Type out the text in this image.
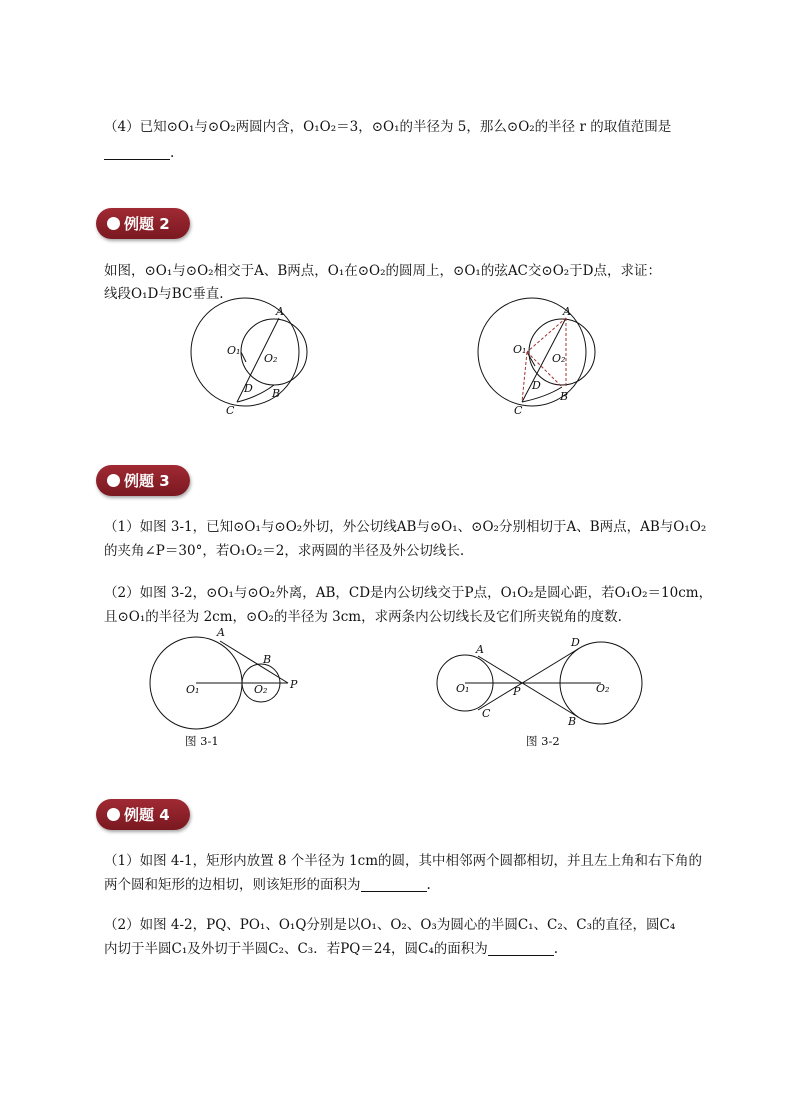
（4）已知⊙O₁与⊙O₂两圆内含，O₁O₂＝3，⊙O₁的半径为 5，那么⊙O₂的半径 r 的取值范围是

.

例题 2

如图，⊙O₁与⊙O₂相交于A、B两点，O₁在⊙O₂的圆周上，⊙O₁的弦AC交⊙O₂于D点，求证：

线段O₁D与BC垂直.

例题 3

（1）如图 3-1，已知⊙O₁与⊙O₂外切，外公切线AB与⊙O₁、⊙O₂分别相切于A、B两点，AB与O₁O₂

的夹角∠P＝30°，若O₁O₂＝2，求两圆的半径及外公切线长.

（2）如图 3-2，⊙O₁与⊙O₂外离，AB，CD是内公切线交于P点，O₁O₂是圆心距，若O₁O₂＝10cm，

且⊙O₁的半径为 2cm，⊙O₂的半径为 3cm，求两条内公切线长及它们所夹锐角的度数.

例题 4

（1）如图 4-1，矩形内放置 8 个半径为 1cm的圆，其中相邻两个圆都相切，并且左上角和右下角的

两个圆和矩形的边相切，则该矩形的面积为	.

（2）如图 4-2，PQ、PO₁、O₁Q分别是以O₁、O₂、O₃为圆心的半圆C₁、C₂、C₃的直径，圆C₄

内切于半圆C₁及外切于半圆C₂、C₃．若PQ＝24，圆C₄的面积为	.

A
O₁
O₂
D B
C
A
O₁
O₂
D
B
C
A
B
O₁	O₂ P
图 3-1
A
C
P
D
B
O₁	O₂
图 3-2
